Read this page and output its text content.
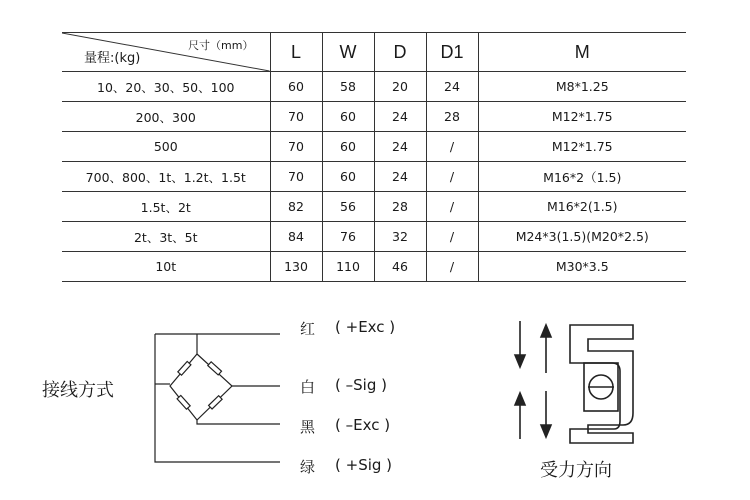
尺寸（mm）
量程:(kg)	L	W	D	D1	M
10、20、30、50、100	60	58	20	24	M8*1.25
200、300	70	60	24	28	M12*1.75
500	70	60	24	/	M12*1.75
700、800、1t、1.2t、1.5t	70	60	24	/	M16*2（1.5)
1.5t、2t	82	56	28	/	M16*2(1.5)
2t、3t、5t	84	76	32	/	M24*3(1.5)(M20*2.5)
10t	130	110	46	/	M30*3.5
接线方式
红 ( +Exc )
白 ( –Sig )
黑 ( –Exc )
绿 ( +Sig )	受力方向
